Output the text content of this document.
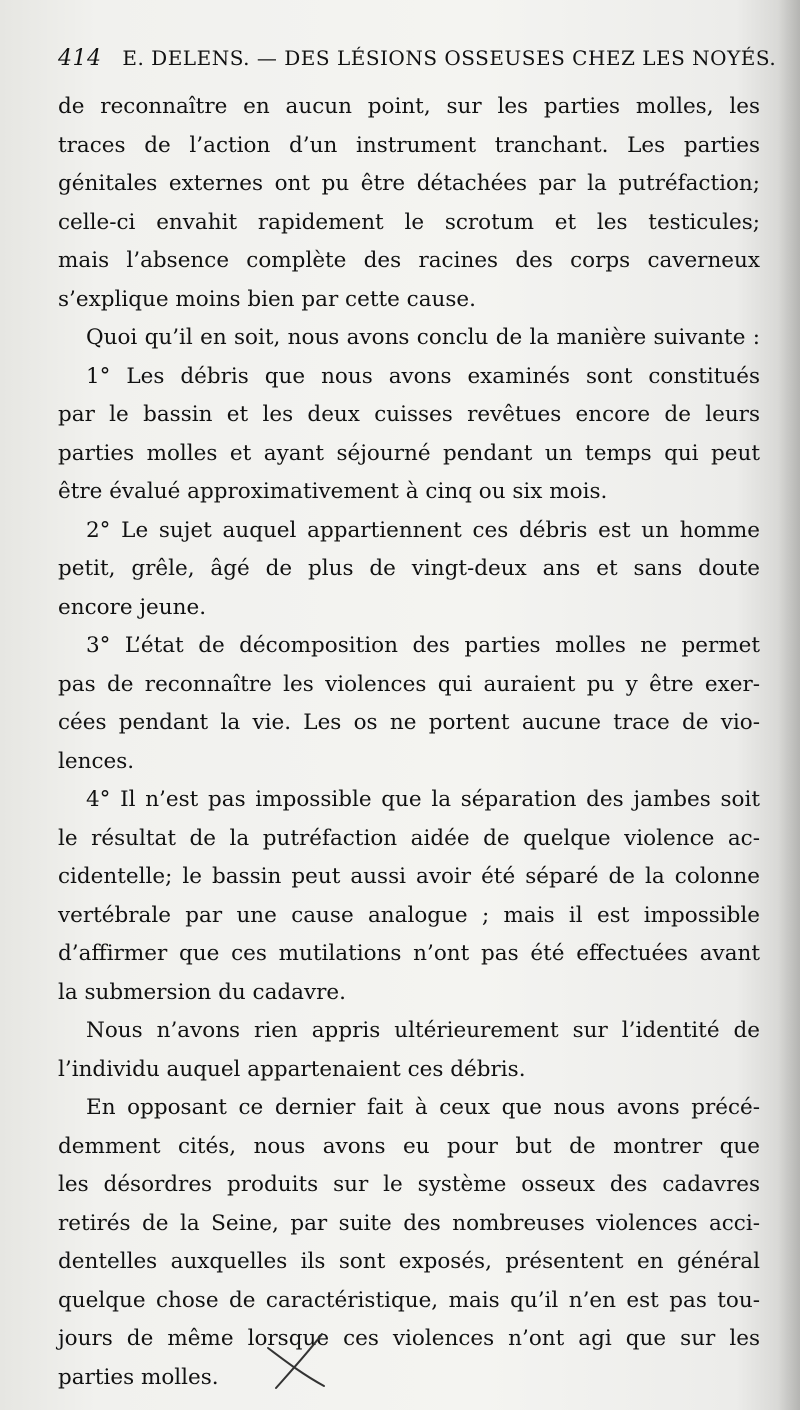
414 E. DELENS. — DES LÉSIONS OSSEUSES CHEZ LES NOYÉS.
de reconnaître en aucun point, sur les parties molles, les
traces de l’action d’un instrument tranchant. Les parties
génitales externes ont pu être détachées par la putréfaction;
celle-ci envahit rapidement le scrotum et les testicules;
mais l’absence complète des racines des corps caverneux
s’explique moins bien par cette cause.
Quoi qu’il en soit, nous avons conclu de la manière suivante :
1° Les débris que nous avons examinés sont constitués
par le bassin et les deux cuisses revêtues encore de leurs
parties molles et ayant séjourné pendant un temps qui peut
être évalué approximativement à cinq ou six mois.
2° Le sujet auquel appartiennent ces débris est un homme
petit, grêle, âgé de plus de vingt-deux ans et sans doute
encore jeune.
3° L’état de décomposition des parties molles ne permet
pas de reconnaître les violences qui auraient pu y être exer-
cées pendant la vie. Les os ne portent aucune trace de vio-
lences.
4° Il n’est pas impossible que la séparation des jambes soit
le résultat de la putréfaction aidée de quelque violence ac-
cidentelle; le bassin peut aussi avoir été séparé de la colonne
vertébrale par une cause analogue ; mais il est impossible
d’affirmer que ces mutilations n’ont pas été effectuées avant
la submersion du cadavre.
Nous n’avons rien appris ultérieurement sur l’identité de
l’individu auquel appartenaient ces débris.
En opposant ce dernier fait à ceux que nous avons précé-
demment cités, nous avons eu pour but de montrer que
les désordres produits sur le système osseux des cadavres
retirés de la Seine, par suite des nombreuses violences acci-
dentelles auxquelles ils sont exposés, présentent en général
quelque chose de caractéristique, mais qu’il n’en est pas tou-
jours de même lorsque ces violences n’ont agi que sur les
parties molles.
